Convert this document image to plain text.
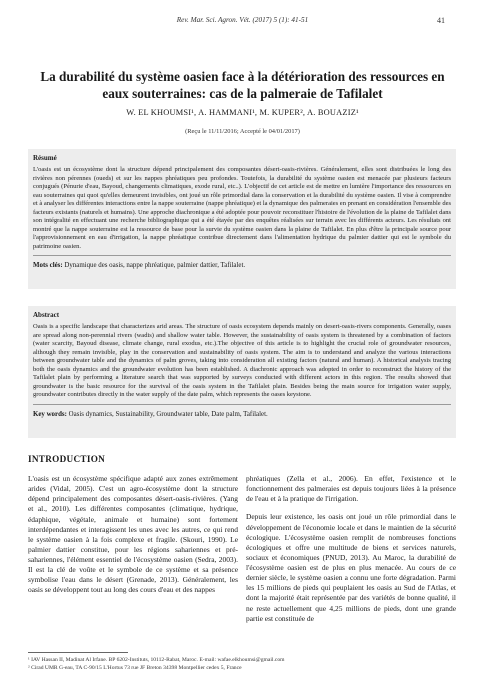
Rev. Mar. Sci. Agron. Vét. (2017) 5 (1): 41-51	41
La durabilité du système oasien face à la détérioration des ressources en eaux souterraines: cas de la palmeraie de Tafilalet
W. EL KHOUMSI¹, A. HAMMANI¹, M. KUPER², A. BOUAZIZ¹
(Reçu le 11/11/2016; Accepté le 04/01/2017)
Résumé
L'oasis est un écosystème dont la structure dépend principalement des composantes désert-oasis-rivières. Généralement, elles sont distribuées le long des rivières non pérennes (oueds) et sur les nappes phréatiques peu profondes. Toutefois, la durabilité du système oasien est menacée par plusieurs facteurs conjugués (Pénurie d'eau, Bayoud, changements climatiques, exode rural, etc..). L'objectif de cet article est de mettre en lumière l'importance des ressources en eau souterraines qui quoi qu'elles demeurent invisibles, ont joué un rôle primordial dans la conservation et la durabilité du système oasien. Il vise à comprendre et à analyser les différentes interactions entre la nappe souterraine (nappe phréatique) et la dynamique des palmeraies en prenant en considération l'ensemble des facteurs existants (naturels et humains). Une approche diachronique a été adoptée pour pouvoir reconstituer l'histoire de l'évolution de la plaine de Tafilalet dans son intégralité en effectuant une recherche bibliographique qui a été étayée par des enquêtes réalisées sur terrain avec les différents acteurs. Les résultats ont montré que la nappe souterraine est la ressource de base pour la survie du système oasien dans la plaine de Tafilalet. En plus d'être la principale source pour l'approvisionnement en eau d'irrigation, la nappe phréatique contribue directement dans l'alimentation hydrique du palmier dattier qui est le symbole du patrimoine oasien.
Mots clés: Dynamique des oasis, nappe phréatique, palmier dattier, Tafilalet.
Abstract
Oasis is a specific landscape that characterizes arid areas. The structure of oasis ecosystem depends mainly on desert-oasis-rivers components. Generally, oases are spread along non-perennial rivers (wadis) and shallow water table. However, the sustainability of oasis system is threatened by a combination of factors (water scarcity, Bayoud disease, climate change, rural exodus, etc.).The objective of this article is to highlight the crucial role of groundwater resources, although they remain invisible, play in the conservation and sustainability of oasis system. The aim is to understand and analyze the various interactions between groundwater table and the dynamics of palm groves, taking into consideration all existing factors (natural and human). A historical analysis tracing both the oasis dynamics and the groundwater evolution has been established. A diachronic approach was adopted in order to reconstruct the history of the Tafilalet plain by performing a literature search that was supported by surveys conducted with different actors in this region. The results showed that groundwater is the basic resource for the survival of the oasis system in the Tafilalet plain. Besides being the main source for irrigation water supply, groundwater contributes directly in the water supply of the date palm, which represents the oases keystone.
Key words: Oasis dynamics, Sustainability, Groundwater table, Date palm, Tafilalet.
INTRODUCTION

L'oasis est un écosystème spécifique adapté aux zones extrêmement arides (Vidal, 2005). C'est un agro-écosystème dont la structure dépend principalement des composantes désert-oasis-rivières. (Yang et al., 2010). Les différentes composantes (climatique, hydrique, édaphique, végétale, animale et humaine) sont fortement interdépendantes et interagissent les unes avec les autres, ce qui rend le système oasien à la fois complexe et fragile. (Skouri, 1990). Le palmier dattier constitue, pour les régions sahariennes et pré-sahariennes, l'élément essentiel de l'écosystème oasien (Sedra, 2003). Il est la clé de voûte et le symbole de ce système et sa présence symbolise l'eau dans le désert (Grenade, 2013). Généralement, les oasis se développent tout au long des cours d'eau et des nappes

phréatiques (Zella et al., 2006). En effet, l'existence et le fonctionnement des palmeraies est depuis toujours liées à la présence de l'eau et à la pratique de l'irrigation.

Depuis leur existence, les oasis ont joué un rôle primordial dans le développement de l'économie locale et dans le maintien de la sécurité écologique. L'écosystème oasien remplit de nombreuses fonctions écologiques et offre une multitude de biens et services naturels, sociaux et économiques (PNUD, 2013). Au Maroc, la durabilité de l'écosystème oasien est de plus en plus menacée. Au cours de ce dernier siècle, le système oasien a connu une forte dégradation. Parmi les 15 millions de pieds qui peuplaient les oasis au Sud de l'Atlas, et dont la majorité était représentée par des variétés de bonne qualité, il ne reste actuellement que 4,25 millions de pieds, dont une grande partie est constituée de

¹ IAV Hassan II, Madinat Al Irfane. BP 6202-Instituts, 10112-Rabat, Maroc. E-mail: wafae.elkhoumsi@gmail.com
² Cirad UMR G-eau, TA C-90/15 L'Hortus 73 rue JF Breton 34398 Montpellier cedex 5, France
